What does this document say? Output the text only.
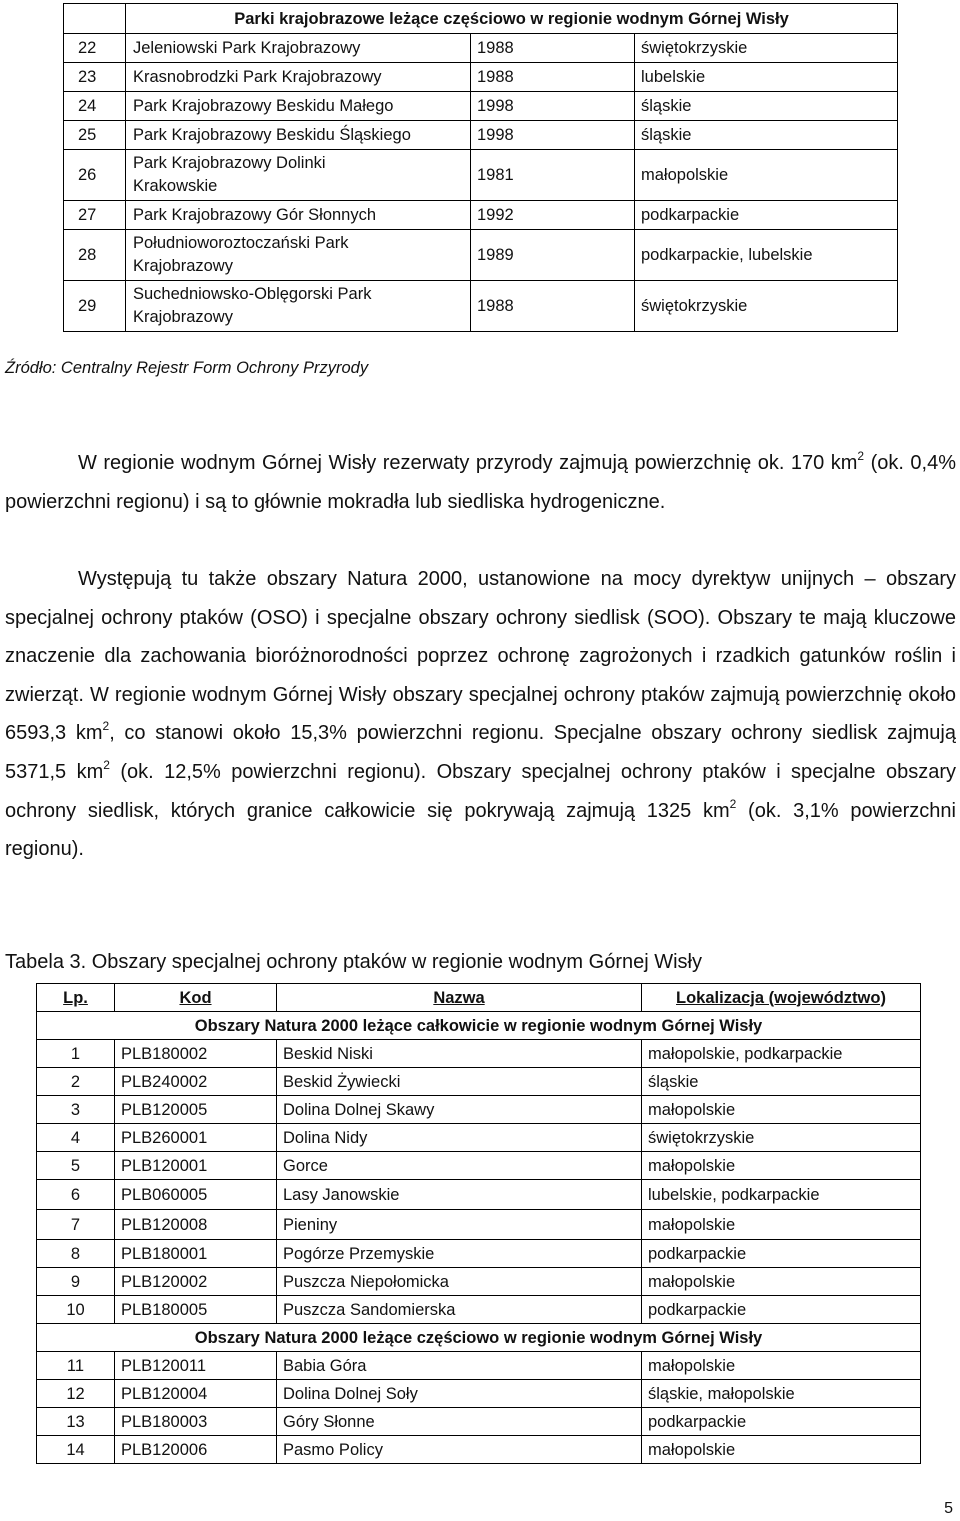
	Parki krajobrazowe leżące częściowo w regionie wodnym Górnej Wisły		
22	Jeleniowski Park Krajobrazowy	1988	świętokrzyskie
23	Krasnobrodzki Park Krajobrazowy	1988	lubelskie
24	Park Krajobrazowy Beskidu Małego	1998	śląskie
25	Park Krajobrazowy Beskidu Śląskiego	1998	śląskie
26	Park Krajobrazowy Dolinki Krakowskie	1981	małopolskie
27	Park Krajobrazowy Gór Słonnych	1992	podkarpackie
28	Południoworoztoczański Park Krajobrazowy	1989	podkarpackie, lubelskie
29	Suchedniowsko-Oblęgorski Park Krajobrazowy	1988	świętokrzyskie
Źródło: Centralny Rejestr Form Ochrony Przyrody

W regionie wodnym Górnej Wisły rezerwaty przyrody zajmują powierzchnię ok. 170 $km^2$ (ok. 0,4% powierzchni regionu) i są to głównie mokradła lub siedliska hydrogeniczne.

Występują tu także obszary Natura 2000, ustanowione na mocy dyrektyw unijnych – obszary specjalnej ochrony ptaków (OSO) i specjalne obszary ochrony siedlisk (SOO). Obszary te mają kluczowe znaczenie dla zachowania bioróżnorodności poprzez ochronę zagrożonych i rzadkich gatunków roślin i zwierząt. W regionie wodnym Górnej Wisły obszary specjalnej ochrony ptaków zajmują powierzchnię około 6593,3 $km^2$, co stanowi około 15,3% powierzchni regionu. Specjalne obszary ochrony siedlisk zajmują 5371,5 $km^2$ (ok. 12,5% powierzchni regionu). Obszary specjalnej ochrony ptaków i specjalne obszary ochrony siedlisk, których granice całkowicie się pokrywają zajmują 1325 $km^2$ (ok. 3,1% powierzchni regionu).

Tabela 3. Obszary specjalnej ochrony ptaków w regionie wodnym Górnej Wisły
Lp.	Kod	Nazwa	Lokalizacja (województwo)
Obszary Natura 2000 leżące całkowicie w regionie wodnym Górnej Wisły			
1	PLB180002	Beskid Niski	małopolskie, podkarpackie
2	PLB240002	Beskid Żywiecki	śląskie
3	PLB120005	Dolina Dolnej Skawy	małopolskie
4	PLB260001	Dolina Nidy	świętokrzyskie
5	PLB120001	Gorce	małopolskie
6	PLB060005	Lasy Janowskie	lubelskie, podkarpackie
7	PLB120008	Pieniny	małopolskie
8	PLB180001	Pogórze Przemyskie	podkarpackie
9	PLB120002	Puszcza Niepołomicka	małopolskie
10	PLB180005	Puszcza Sandomierska	podkarpackie
Obszary Natura 2000 leżące częściowo w regionie wodnym Górnej Wisły			
11	PLB120011	Babia Góra	małopolskie
12	PLB120004	Dolina Dolnej Soły	śląskie, małopolskie
13	PLB180003	Góry Słonne	podkarpackie
14	PLB120006	Pasmo Policy	małopolskie
5
